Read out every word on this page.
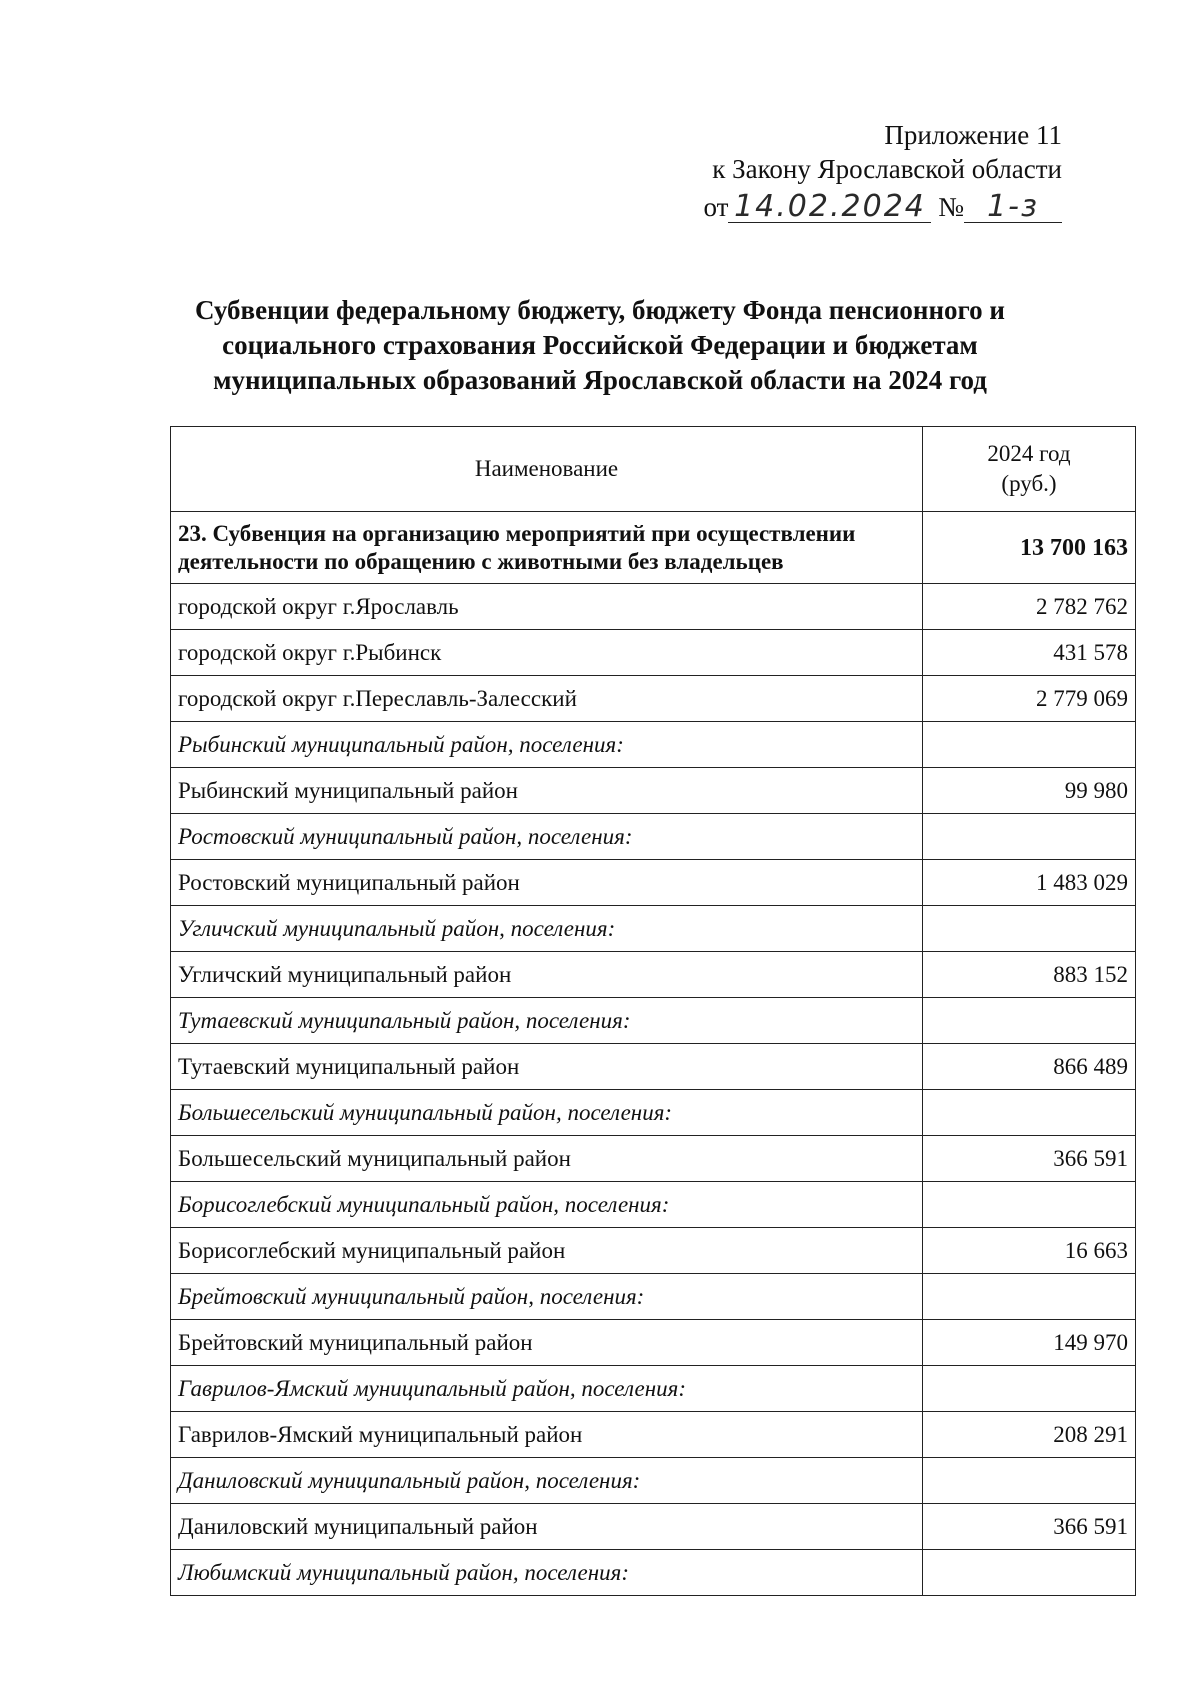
Приложение 11
к Закону Ярославской области
от 14.02.2024 № 1-з
Субвенции федеральному бюджету, бюджету Фонда пенсионного и
социального страхования Российской Федерации и бюджетам
муниципальных образований Ярославской области на 2024 год
Наименование	2024 год
(руб.)
23. Субвенция на организацию мероприятий при осуществлении
деятельности по обращению с животными без владельцев	13 700 163
городской округ г.Ярославль	2 782 762
городской округ г.Рыбинск	431 578
городской округ г.Переславль-Залесский	2 779 069
Рыбинский муниципальный район, поселения:	
Рыбинский муниципальный район	99 980
Ростовский муниципальный район, поселения:	
Ростовский муниципальный район	1 483 029
Угличский муниципальный район, поселения:	
Угличский муниципальный район	883 152
Тутаевский муниципальный район, поселения:	
Тутаевский муниципальный район	866 489
Большесельский муниципальный район, поселения:	
Большесельский муниципальный район	366 591
Борисоглебский муниципальный район, поселения:	
Борисоглебский муниципальный район	16 663
Брейтовский муниципальный район, поселения:	
Брейтовский муниципальный район	149 970
Гаврилов-Ямский муниципальный район, поселения:	
Гаврилов-Ямский муниципальный район	208 291
Даниловский муниципальный район, поселения:	
Даниловский муниципальный район	366 591
Любимский муниципальный район, поселения:	
